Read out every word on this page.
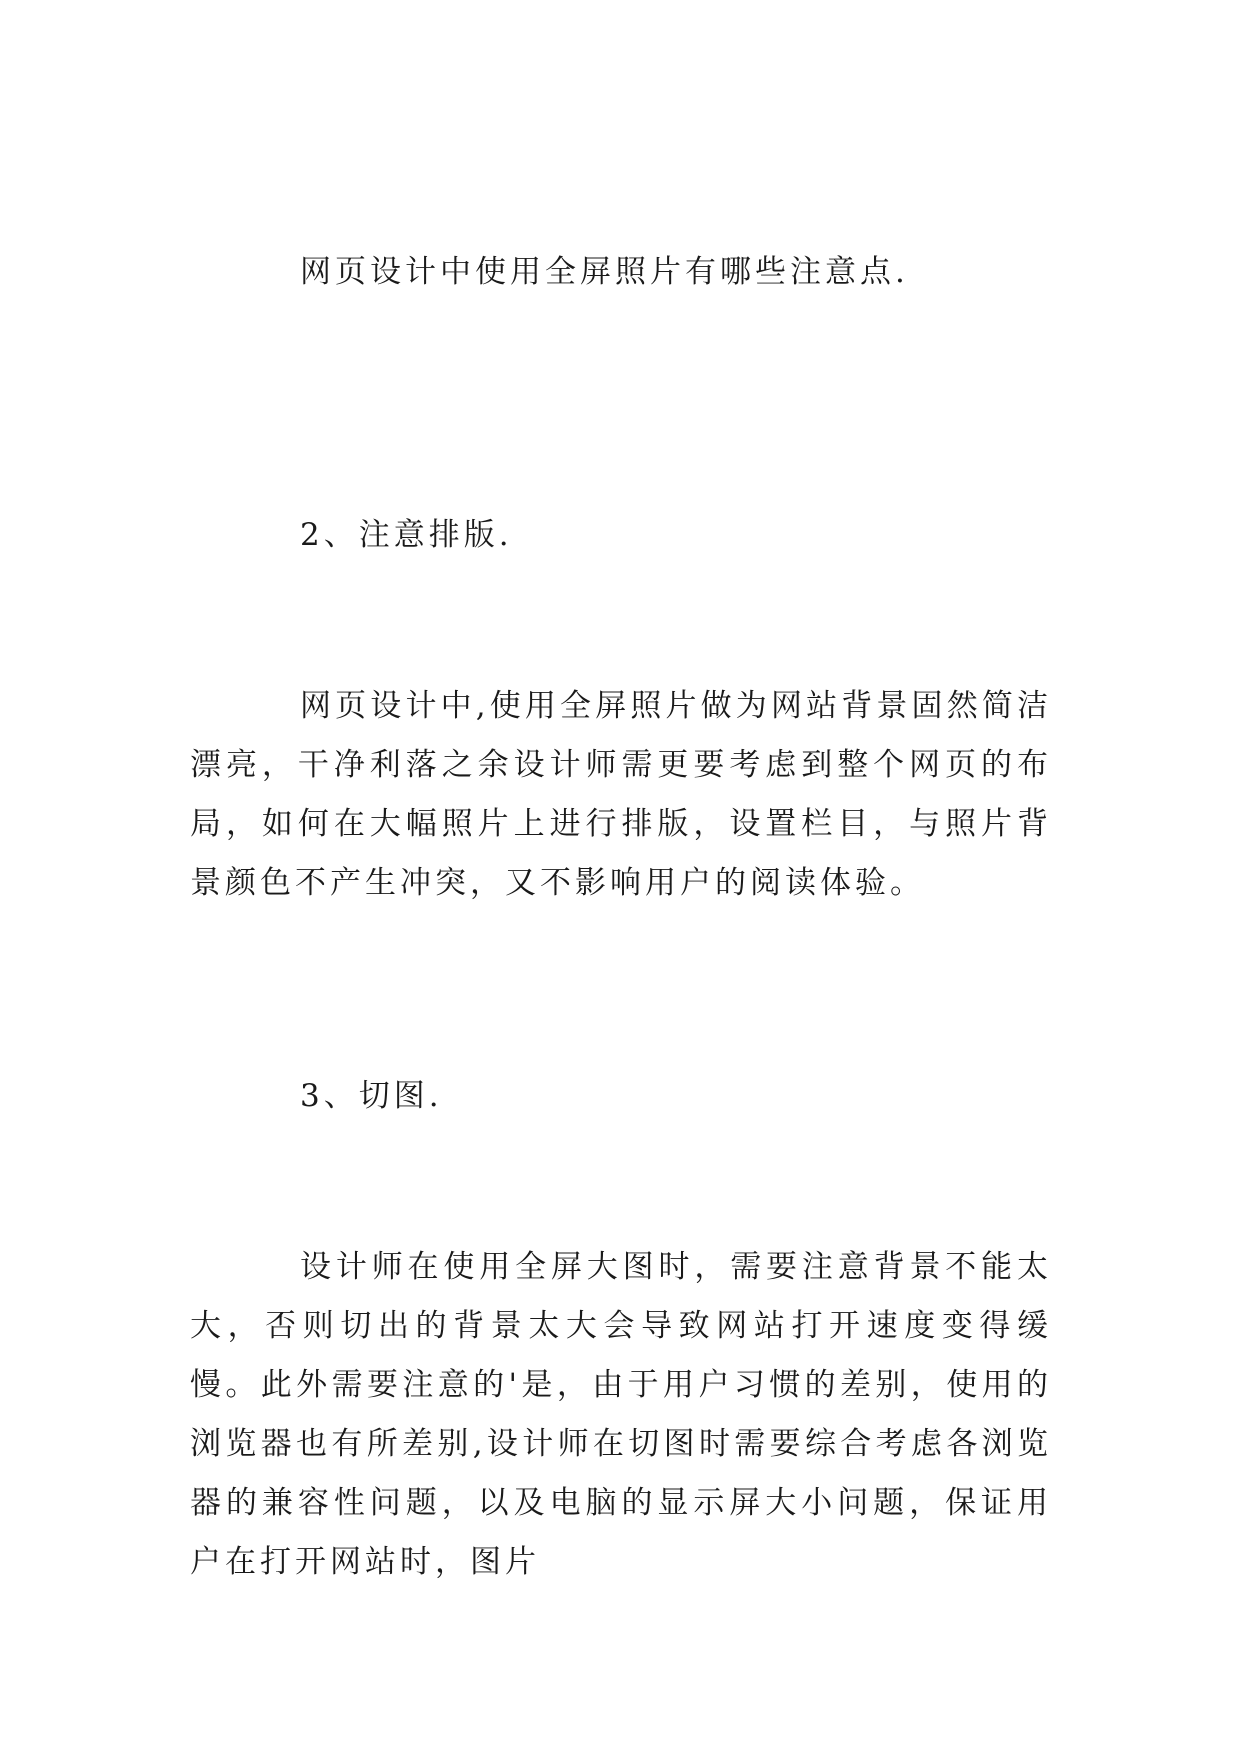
网页设计中使用全屏照片有哪些注意点.

2、注意排版.

网页设计中,使用全屏照片做为网站背景固然简洁漂亮，干净利落之余设计师需更要考虑到整个网页的布局，如何在大幅照片上进行排版，设置栏目，与照片背景颜色不产生冲突，又不影响用户的阅读体验。

3、切图.

设计师在使用全屏大图时，需要注意背景不能太大，否则切出的背景太大会导致网站打开速度变得缓慢。此外需要注意的'是，由于用户习惯的差别，使用的浏览器也有所差别,设计师在切图时需要综合考虑各浏览器的兼容性问题，以及电脑的显示屏大小问题，保证用户在打开网站时，图片
